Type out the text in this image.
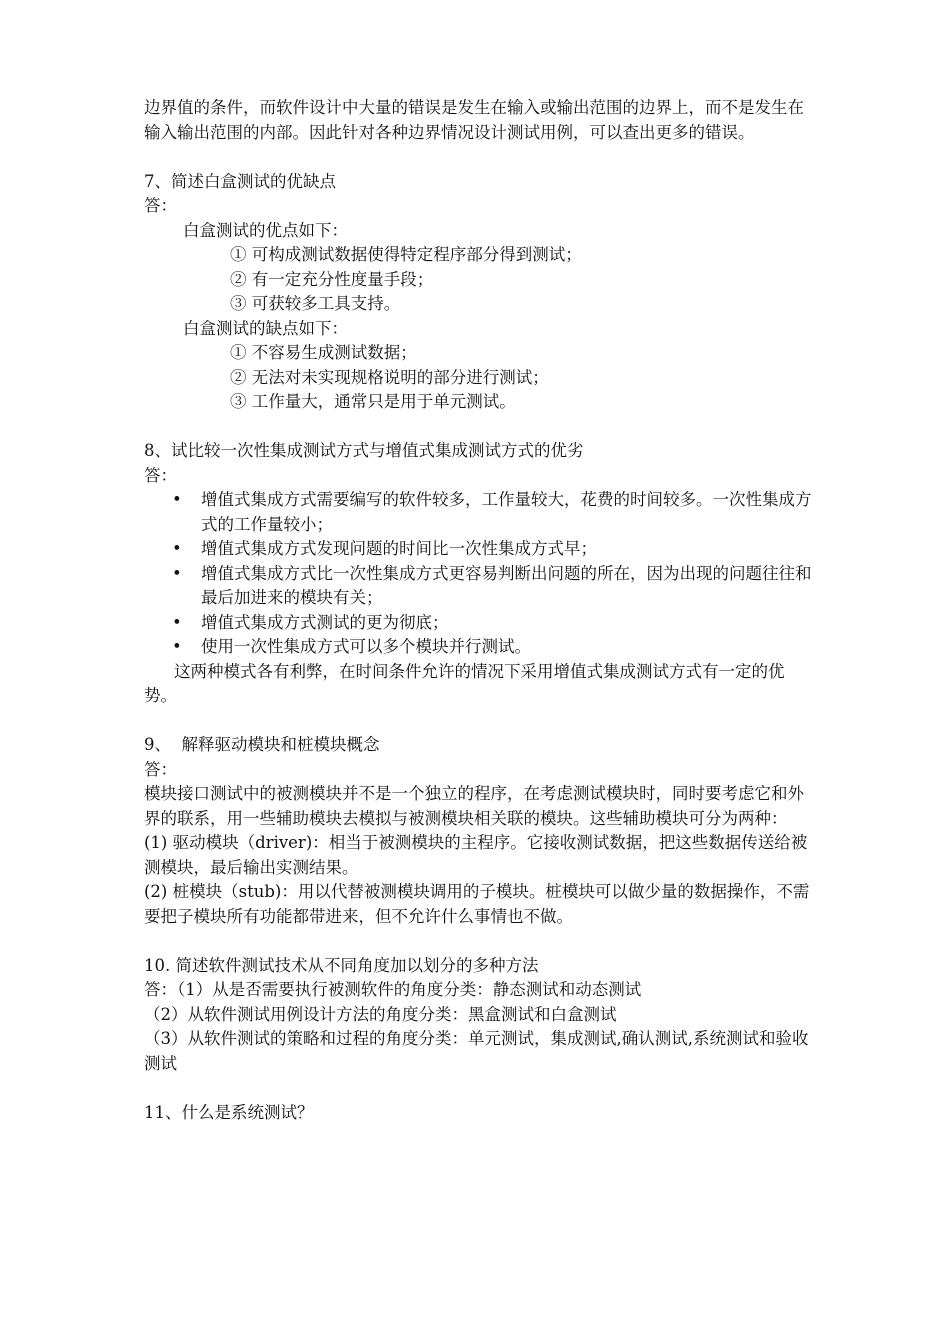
边界值的条件，而软件设计中大量的错误是发生在输入或输出范围的边界上，而不是发生在输入输出范围的内部。因此针对各种边界情况设计测试用例，可以查出更多的错误。
7、简述白盒测试的优缺点
答：
白盒测试的优点如下：
① 可构成测试数据使得特定程序部分得到测试；
② 有一定充分性度量手段；
③ 可获较多工具支持。
白盒测试的缺点如下：
① 不容易生成测试数据；
② 无法对未实现规格说明的部分进行测试；
③ 工作量大，通常只是用于单元测试。
8、试比较一次性集成测试方式与增值式集成测试方式的优劣
答：
• 增值式集成方式需要编写的软件较多，工作量较大，花费的时间较多。一次性集成方式的工作量较小；
• 增值式集成方式发现问题的时间比一次性集成方式早；
• 增值式集成方式比一次性集成方式更容易判断出问题的所在，因为出现的问题往往和最后加进来的模块有关；
• 增值式集成方式测试的更为彻底；
• 使用一次性集成方式可以多个模块并行测试。
这两种模式各有利弊，在时间条件允许的情况下采用增值式集成测试方式有一定的优势。
9、  解释驱动模块和桩模块概念
答：
模块接口测试中的被测模块并不是一个独立的程序，在考虑测试模块时，同时要考虑它和外界的联系，用一些辅助模块去模拟与被测模块相关联的模块。这些辅助模块可分为两种：
(1) 驱动模块（driver)：相当于被测模块的主程序。它接收测试数据，把这些数据传送给被测模块，最后输出实测结果。
(2) 桩模块（stub)：用以代替被测模块调用的子模块。桩模块可以做少量的数据操作，不需要把子模块所有功能都带进来，但不允许什么事情也不做。
10. 简述软件测试技术从不同角度加以划分的多种方法
答：（1）从是否需要执行被测软件的角度分类：静态测试和动态测试
（2）从软件测试用例设计方法的角度分类：黑盒测试和白盒测试
（3）从软件测试的策略和过程的角度分类：单元测试，集成测试,确认测试,系统测试和验收测试
11、什么是系统测试？
